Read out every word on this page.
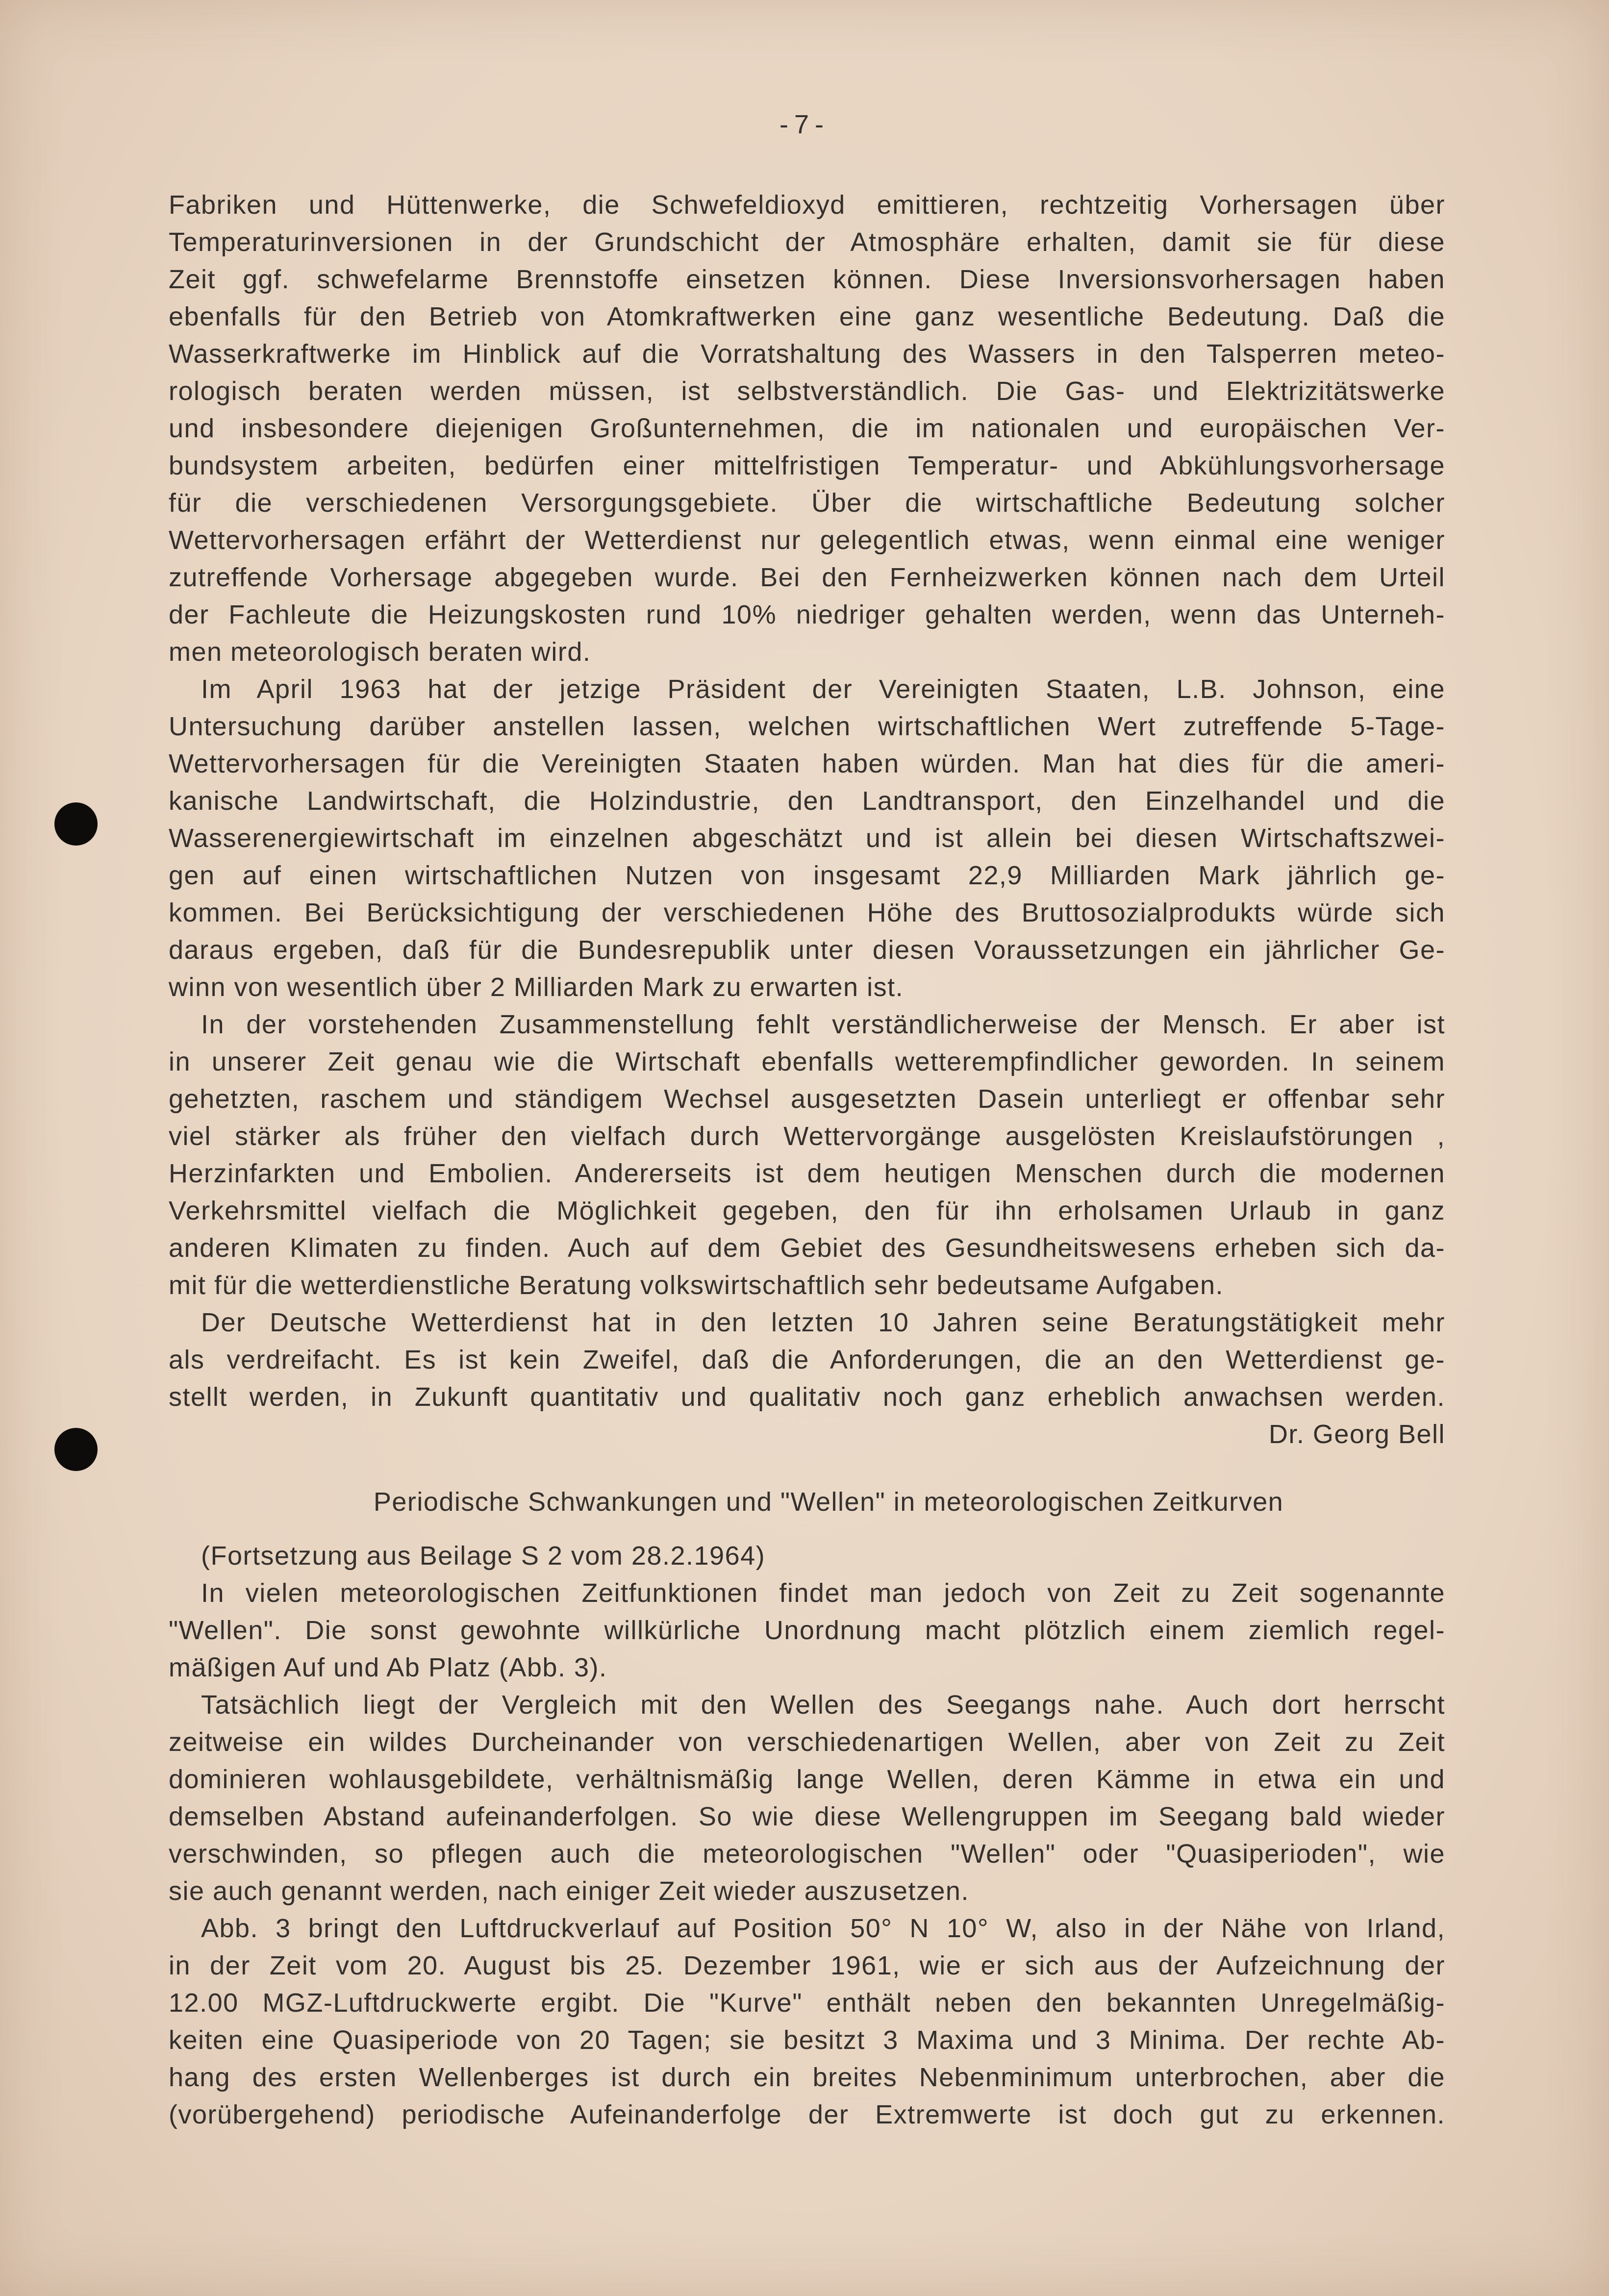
-7-
Fabriken und Hüttenwerke, die Schwefeldioxyd emittieren, rechtzeitig Vorhersagen über
Temperaturinversionen in der Grundschicht der Atmosphäre erhalten, damit sie für diese
Zeit ggf. schwefelarme Brennstoffe einsetzen können. Diese Inversionsvorhersagen haben
ebenfalls für den Betrieb von Atomkraftwerken eine ganz wesentliche Bedeutung. Daß die
Wasserkraftwerke im Hinblick auf die Vorratshaltung des Wassers in den Talsperren meteo-
rologisch beraten werden müssen, ist selbstverständlich. Die Gas- und Elektrizitätswerke
und insbesondere diejenigen Großunternehmen, die im nationalen und europäischen Ver-
bundsystem arbeiten, bedürfen einer mittelfristigen Temperatur- und Abkühlungsvorhersage
für die verschiedenen Versorgungsgebiete. Über die wirtschaftliche Bedeutung solcher
Wettervorhersagen erfährt der Wetterdienst nur gelegentlich etwas, wenn einmal eine weniger
zutreffende Vorhersage abgegeben wurde. Bei den Fernheizwerken können nach dem Urteil
der Fachleute die Heizungskosten rund 10% niedriger gehalten werden, wenn das Unterneh-
men meteorologisch beraten wird.
Im April 1963 hat der jetzige Präsident der Vereinigten Staaten, L.B. Johnson, eine
Untersuchung darüber anstellen lassen, welchen wirtschaftlichen Wert zutreffende 5-Tage-
Wettervorhersagen für die Vereinigten Staaten haben würden. Man hat dies für die ameri-
kanische Landwirtschaft, die Holzindustrie, den Landtransport, den Einzelhandel und die
Wasserenergiewirtschaft im einzelnen abgeschätzt und ist allein bei diesen Wirtschaftszwei-
gen auf einen wirtschaftlichen Nutzen von insgesamt 22,9 Milliarden Mark jährlich ge-
kommen. Bei Berücksichtigung der verschiedenen Höhe des Bruttosozialprodukts würde sich
daraus ergeben, daß für die Bundesrepublik unter diesen Voraussetzungen ein jährlicher Ge-
winn von wesentlich über 2 Milliarden Mark zu erwarten ist.
In der vorstehenden Zusammenstellung fehlt verständlicherweise der Mensch. Er aber ist
in unserer Zeit genau wie die Wirtschaft ebenfalls wetterempfindlicher geworden. In seinem
gehetzten, raschem und ständigem Wechsel ausgesetzten Dasein unterliegt er offenbar sehr
viel stärker als früher den vielfach durch Wettervorgänge ausgelösten Kreislaufstörungen ,
Herzinfarkten und Embolien. Andererseits ist dem heutigen Menschen durch die modernen
Verkehrsmittel vielfach die Möglichkeit gegeben, den für ihn erholsamen Urlaub in ganz
anderen Klimaten zu finden. Auch auf dem Gebiet des Gesundheitswesens erheben sich da-
mit für die wetterdienstliche Beratung volkswirtschaftlich sehr bedeutsame Aufgaben.
Der Deutsche Wetterdienst hat in den letzten 10 Jahren seine Beratungstätigkeit mehr
als verdreifacht. Es ist kein Zweifel, daß die Anforderungen, die an den Wetterdienst ge-
stellt werden, in Zukunft quantitativ und qualitativ noch ganz erheblich anwachsen werden.
Dr. Georg Bell
Periodische Schwankungen und "Wellen" in meteorologischen Zeitkurven
(Fortsetzung aus Beilage S 2 vom 28.2.1964)
In vielen meteorologischen Zeitfunktionen findet man jedoch von Zeit zu Zeit sogenannte
"Wellen". Die sonst gewohnte willkürliche Unordnung macht plötzlich einem ziemlich regel-
mäßigen Auf und Ab Platz (Abb. 3).
Tatsächlich liegt der Vergleich mit den Wellen des Seegangs nahe. Auch dort herrscht
zeitweise ein wildes Durcheinander von verschiedenartigen Wellen, aber von Zeit zu Zeit
dominieren wohlausgebildete, verhältnismäßig lange Wellen, deren Kämme in etwa ein und
demselben Abstand aufeinanderfolgen. So wie diese Wellengruppen im Seegang bald wieder
verschwinden, so pflegen auch die meteorologischen "Wellen" oder "Quasiperioden", wie
sie auch genannt werden, nach einiger Zeit wieder auszusetzen.
Abb. 3 bringt den Luftdruckverlauf auf Position 50° N 10° W, also in der Nähe von Irland,
in der Zeit vom 20. August bis 25. Dezember 1961, wie er sich aus der Aufzeichnung der
12.00 MGZ-Luftdruckwerte ergibt. Die "Kurve" enthält neben den bekannten Unregelmäßig-
keiten eine Quasiperiode von 20 Tagen; sie besitzt 3 Maxima und 3 Minima. Der rechte Ab-
hang des ersten Wellenberges ist durch ein breites Nebenminimum unterbrochen, aber die
(vorübergehend) periodische Aufeinanderfolge der Extremwerte ist doch gut zu erkennen.
